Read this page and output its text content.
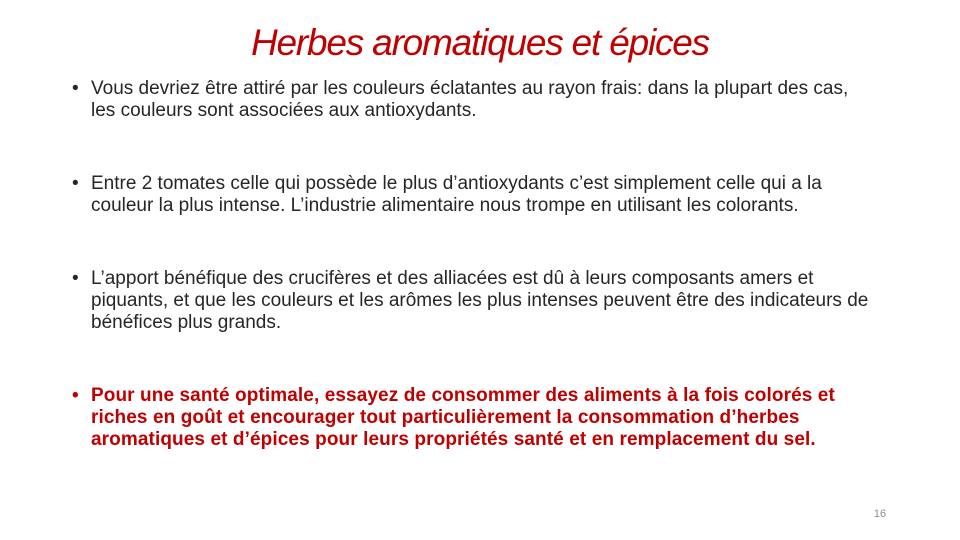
Herbes aromatiques et épices
• Vous devriez être attiré par les couleurs éclatantes au rayon frais: dans la plupart des cas, les couleurs sont associées aux antioxydants.
• Entre 2 tomates celle qui possède le plus d’antioxydants c’est simplement celle qui a la couleur la plus intense. L’industrie alimentaire nous trompe en utilisant les colorants.
• L’apport bénéfique des crucifères et des alliacées est dû à leurs composants amers et piquants, et que les couleurs et les arômes les plus intenses peuvent être des indicateurs de bénéfices plus grands.
• Pour une santé optimale, essayez de consommer des aliments à la fois colorés et riches en goût et encourager tout particulièrement la consommation d’herbes aromatiques et d’épices pour leurs propriétés santé et en remplacement du sel.
16
